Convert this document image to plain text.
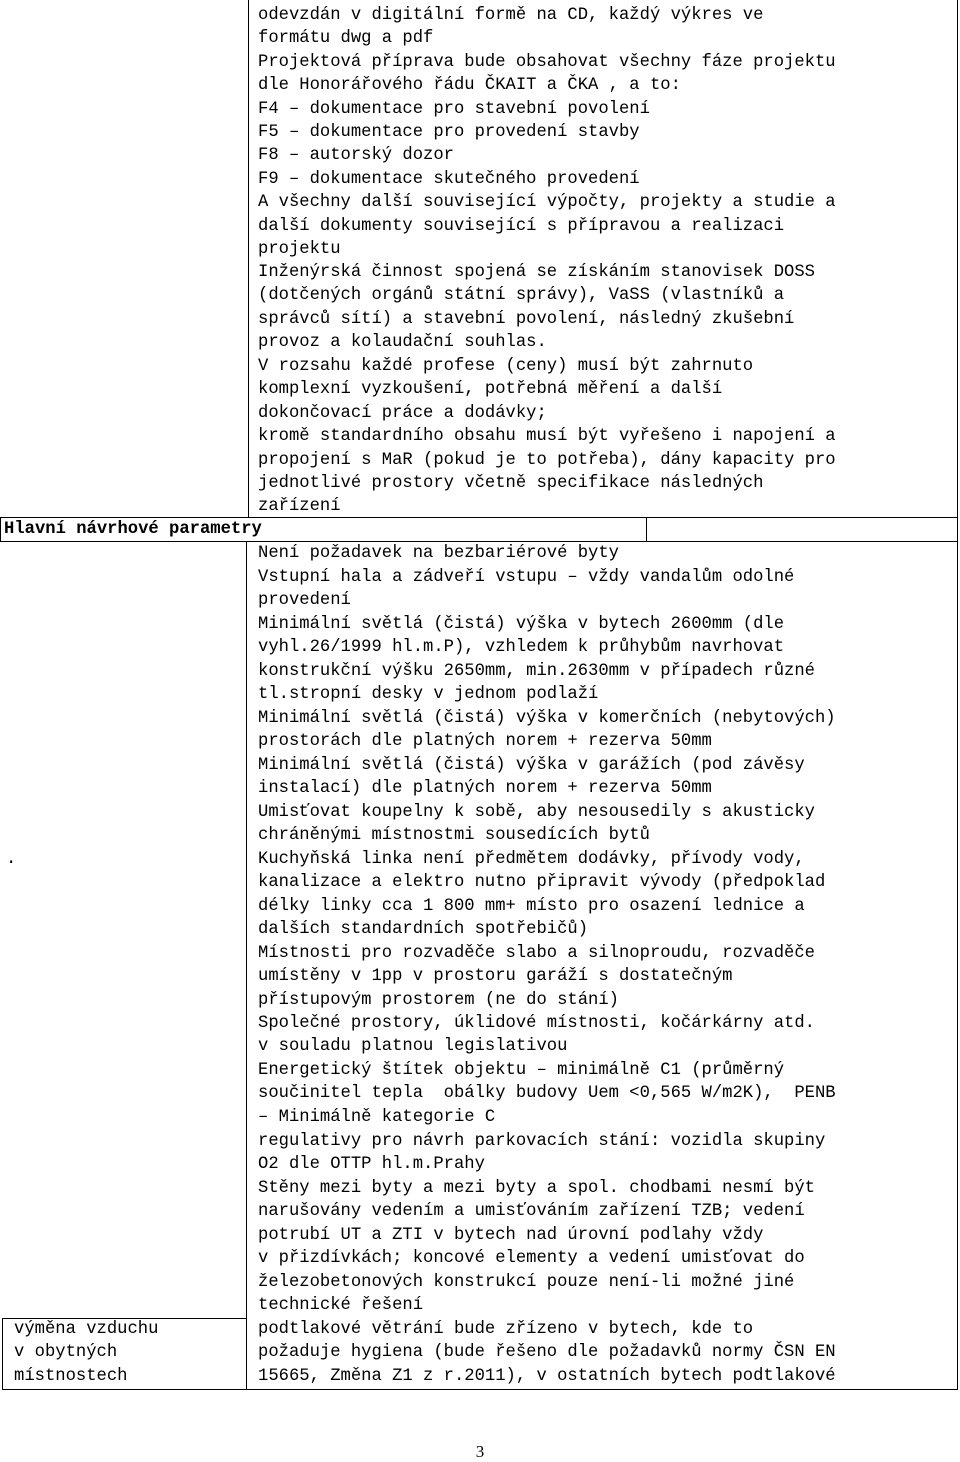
odevzdán v digitální formě na CD, každý výkres ve
formátu dwg a pdf
Projektová příprava bude obsahovat všechny fáze projektu
dle Honorářového řádu ČKAIT a ČKA , a to:
F4 – dokumentace pro stavební povolení
F5 – dokumentace pro provedení stavby
F8 – autorský dozor
F9 – dokumentace skutečného provedení
A všechny další související výpočty, projekty a studie a
další dokumenty související s přípravou a realizaci
projektu
Inženýrská činnost spojená se získáním stanovisek DOSS
(dotčených orgánů státní správy), VaSS (vlastníků a
správců sítí) a stavební povolení, následný zkušební
provoz a kolaudační souhlas.
V rozsahu každé profese (ceny) musí být zahrnuto
komplexní vyzkoušení, potřebná měření a další
dokončovací práce a dodávky;
kromě standardního obsahu musí být vyřešeno i napojení a
propojení s MaR (pokud je to potřeba), dány kapacity pro
jednotlivé prostory včetně specifikace následných
zařízení
Hlavní návrhové parametry
Není požadavek na bezbariérové byty
Vstupní hala a zádveří vstupu – vždy vandalům odolné
provedení
Minimální světlá (čistá) výška v bytech 2600mm (dle
vyhl.26/1999 hl.m.P), vzhledem k průhybům navrhovat
konstrukční výšku 2650mm, min.2630mm v případech různé
tl.stropní desky v jednom podlaží
Minimální světlá (čistá) výška v komerčních (nebytových)
prostorách dle platných norem + rezerva 50mm
Minimální světlá (čistá) výška v garážích (pod závěsy
instalací) dle platných norem + rezerva 50mm
Umisťovat koupelny k sobě, aby nesousedily s akusticky
chráněnými místnostmi sousedících bytů
.	Kuchyňská linka není předmětem dodávky, přívody vody,
kanalizace a elektro nutno připravit vývody (předpoklad
délky linky cca 1 800 mm+ místo pro osazení lednice a
dalších standardních spotřebičů)
Místnosti pro rozvaděče slabo a silnoproudu, rozvaděče
umístěny v 1pp v prostoru garáží s dostatečným
přístupovým prostorem (ne do stání)
Společné prostory, úklidové místnosti, kočárkárny atd.
v souladu platnou legislativou
Energetický štítek objektu – minimálně C1 (průměrný
součinitel tepla  obálky budovy Uem <0,565 W/m2K),  PENB
– Minimálně kategorie C
regulativy pro návrh parkovacích stání: vozidla skupiny
O2 dle OTTP hl.m.Prahy
Stěny mezi byty a mezi byty a spol. chodbami nesmí být
narušovány vedením a umisťováním zařízení TZB; vedení
potrubí UT a ZTI v bytech nad úrovní podlahy vždy
v přizdívkách; koncové elementy a vedení umisťovat do
železobetonových konstrukcí pouze není-li možné jiné
technické řešení
výměna vzduchu
v obytných
místnostech
podtlakové větrání bude zřízeno v bytech, kde to
požaduje hygiena (bude řešeno dle požadavků normy ČSN EN
15665, Změna Z1 z r.2011), v ostatních bytech podtlakové
3
